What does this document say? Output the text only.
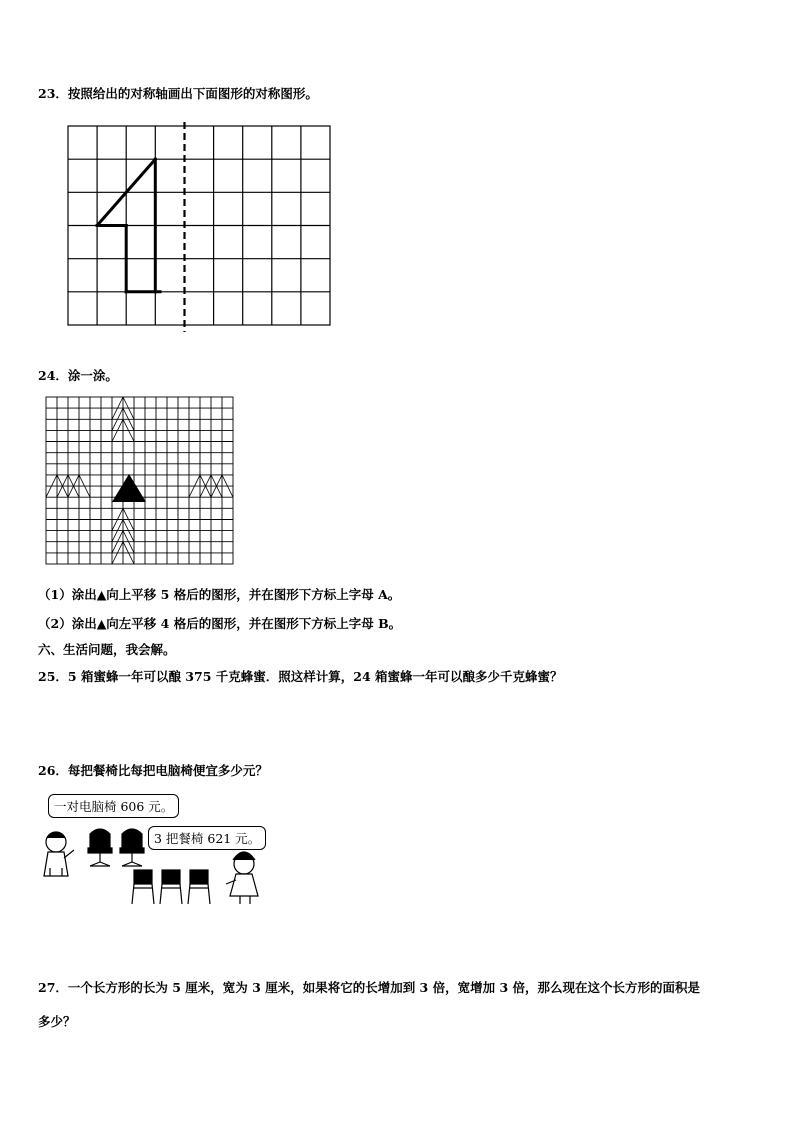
23．按照给出的对称轴画出下面图形的对称图形。
24．涂一涂。
（1）涂出▲向上平移 5 格后的图形，并在图形下方标上字母 A。
（2）涂出▲向左平移 4 格后的图形，并在图形下方标上字母 B。
六、生活问题，我会解。
25．5 箱蜜蜂一年可以酿 375 千克蜂蜜．照这样计算，24 箱蜜蜂一年可以酿多少千克蜂蜜？
26．每把餐椅比每把电脑椅便宜多少元？
一对电脑椅 606 元。
3 把餐椅 621 元。
27．一个长方形的长为 5 厘米，宽为 3 厘米，如果将它的长增加到 3 倍，宽增加 3 倍，那么现在这个长方形的面积是
多少？
